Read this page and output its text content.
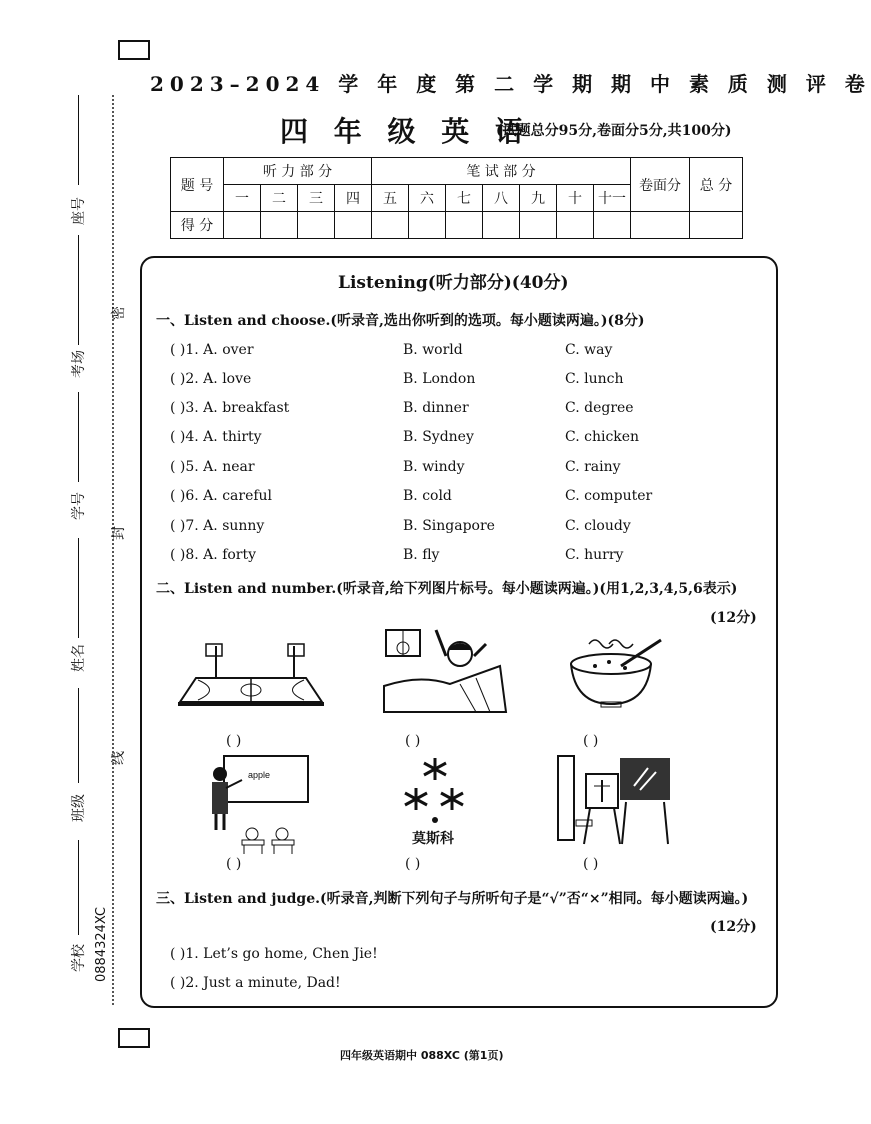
2023–2024 学 年 度 第 二 学 期 期 中 素 质 测 评 卷
四 年 级 英 语
(试题总分95分,卷面分5分,共100分)
题 号	听 力 部 分				笔 试 部 分							卷面分	总 分
	一	二	三	四	五	六	七	八	九	十	十一		
得 分													
座号
考场
学号
姓名
班级
学校 0884324XC
密
封
线
Listening(听力部分)(40分)
一、Listen and choose.(听录音,选出你听到的选项。每小题读两遍。)(8分)
( )1. A. over	B. world	C. way
( )2. A. love	B. London	C. lunch
( )3. A. breakfast	B. dinner	C. degree
( )4. A. thirty	B. Sydney	C. chicken
( )5. A. near	B. windy	C. rainy
( )6. A. careful	B. cold	C. computer
( )7. A. sunny	B. Singapore	C. cloudy
( )8. A. forty	B. fly	C. hurry
二、Listen and number.(听录音,给下列图片标号。每小题读两遍。)(用1,2,3,4,5,6表示)
(12分)
( )	( )	( )
apple
( )
莫斯科
( )	( )
三、Listen and judge.(听录音,判断下列句子与所听句子是“√”否“×”相同。每小题读两遍。)
(12分)
( )1. Let’s go home, Chen Jie!
( )2. Just a minute, Dad!
四年级英语期中 088XC (第1页)
